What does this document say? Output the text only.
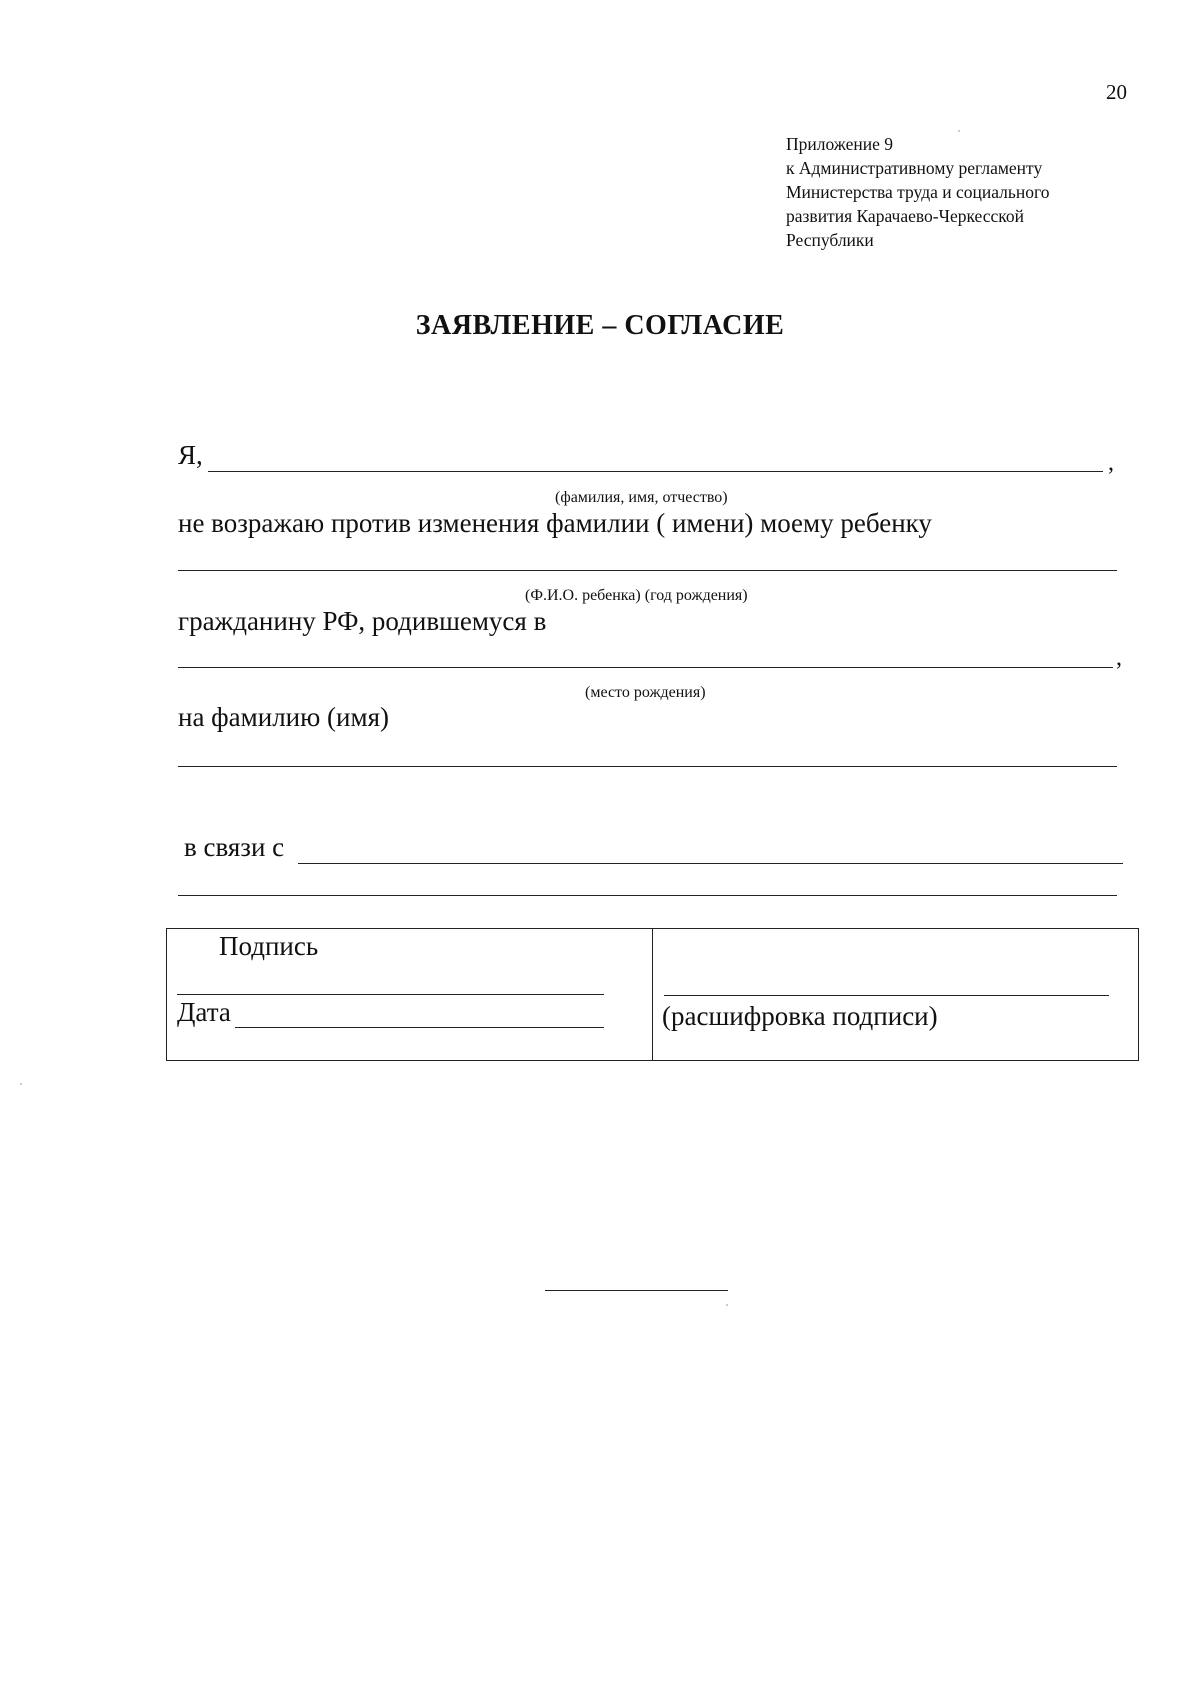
20
Приложение 9
к Административному регламенту
Министерства труда и социального
развития Карачаево-Черкесской
Республики
ЗАЯВЛЕНИЕ – СОГЛАСИЕ
Я,	,
(фамилия, имя, отчество)
не возражаю против изменения фамилии ( имени) моему ребенку
(Ф.И.О. ребенка) (год рождения)
гражданину РФ, родившемуся в
,
(место рождения)
на фамилию (имя)
в связи с
Подпись
Дата	(расшифровка подписи)
